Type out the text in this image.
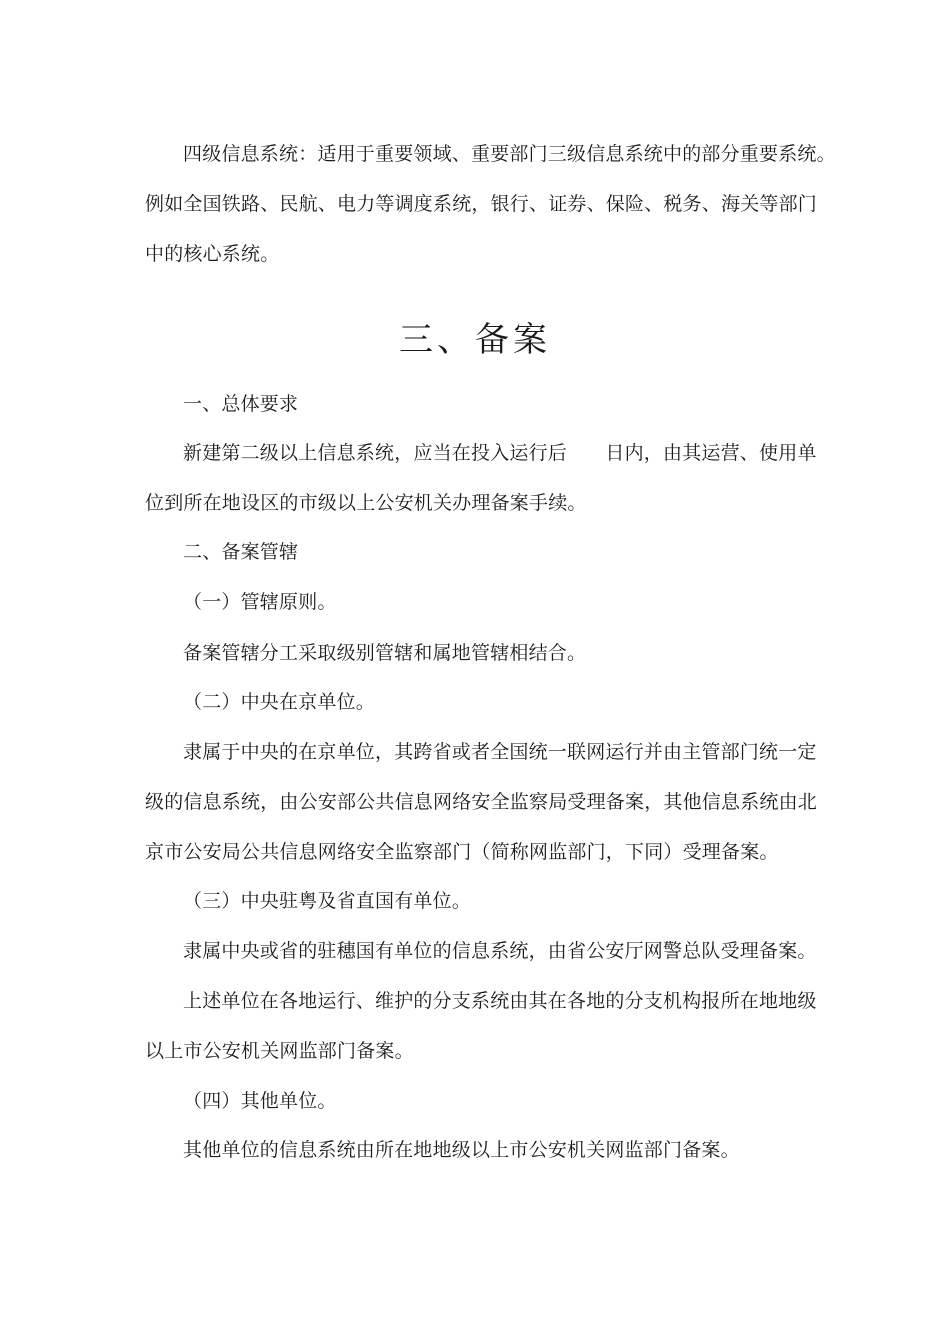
四级信息系统：适用于重要领域、重要部门三级信息系统中的部分重要系统。
例如全国铁路、民航、电力等调度系统，银行、证券、保险、税务、海关等部门
中的核心系统。
三、备案
一、总体要求
新建第二级以上信息系统，应当在投入运行后　　日内，由其运营、使用单
位到所在地设区的市级以上公安机关办理备案手续。
二、备案管辖
（一）管辖原则。
备案管辖分工采取级别管辖和属地管辖相结合。
（二）中央在京单位。
隶属于中央的在京单位，其跨省或者全国统一联网运行并由主管部门统一定
级的信息系统，由公安部公共信息网络安全监察局受理备案，其他信息系统由北
京市公安局公共信息网络安全监察部门（简称网监部门，下同）受理备案。
（三）中央驻粤及省直国有单位。
隶属中央或省的驻穗国有单位的信息系统，由省公安厅网警总队受理备案。
上述单位在各地运行、维护的分支系统由其在各地的分支机构报所在地地级
以上市公安机关网监部门备案。
（四）其他单位。
其他单位的信息系统由所在地地级以上市公安机关网监部门备案。
